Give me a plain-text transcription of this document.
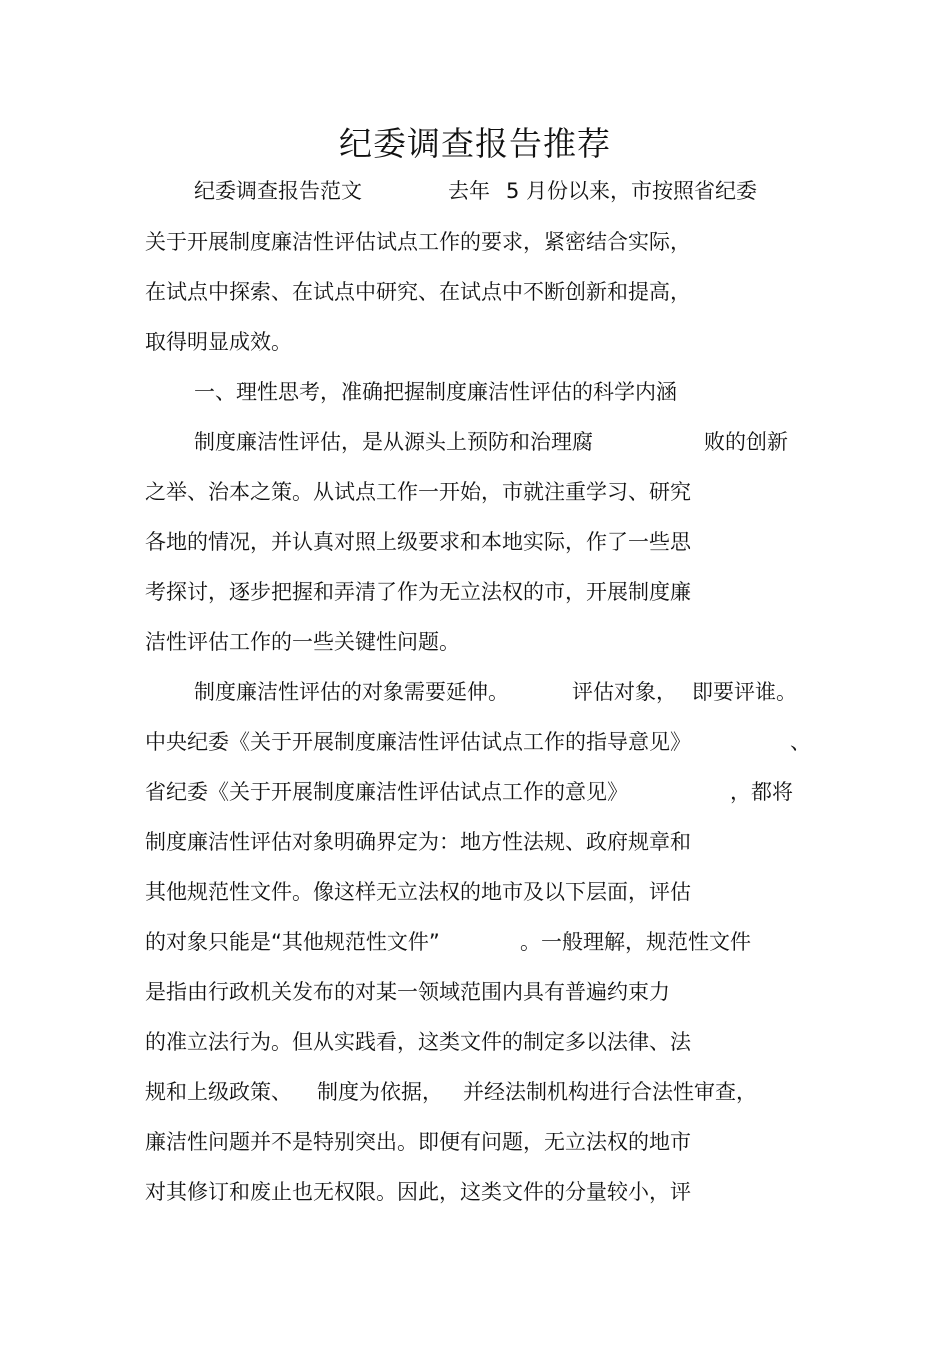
纪委调查报告推荐
纪委调查报告范文	去年 5 月份以来，市按照省纪委
关于开展制度廉洁性评估试点工作的要求，紧密结合实际，
在试点中探索、在试点中研究、在试点中不断创新和提高，
取得明显成效。
一、理性思考，准确把握制度廉洁性评估的科学内涵
制度廉洁性评估，是从源头上预防和治理腐	败的创新
之举、治本之策。从试点工作一开始，市就注重学习、研究
各地的情况，并认真对照上级要求和本地实际，作了一些思
考探讨，逐步把握和弄清了作为无立法权的市，开展制度廉
洁性评估工作的一些关键性问题。
制度廉洁性评估的对象需要延伸。	评估对象， 即要评谁。
中央纪委《关于开展制度廉洁性评估试点工作的指导意见》	、
省纪委《关于开展制度廉洁性评估试点工作的意见》	，都将
制度廉洁性评估对象明确界定为：地方性法规、政府规章和
其他规范性文件。像这样无立法权的地市及以下层面，评估
的对象只能是“其他规范性文件”	。一般理解，规范性文件
是指由行政机关发布的对某一领域范围内具有普遍约束力
的准立法行为。但从实践看，这类文件的制定多以法律、法
规和上级政策、 制度为依据， 并经法制机构进行合法性审查，
廉洁性问题并不是特别突出。即便有问题，无立法权的地市
对其修订和废止也无权限。因此，这类文件的分量较小，评
